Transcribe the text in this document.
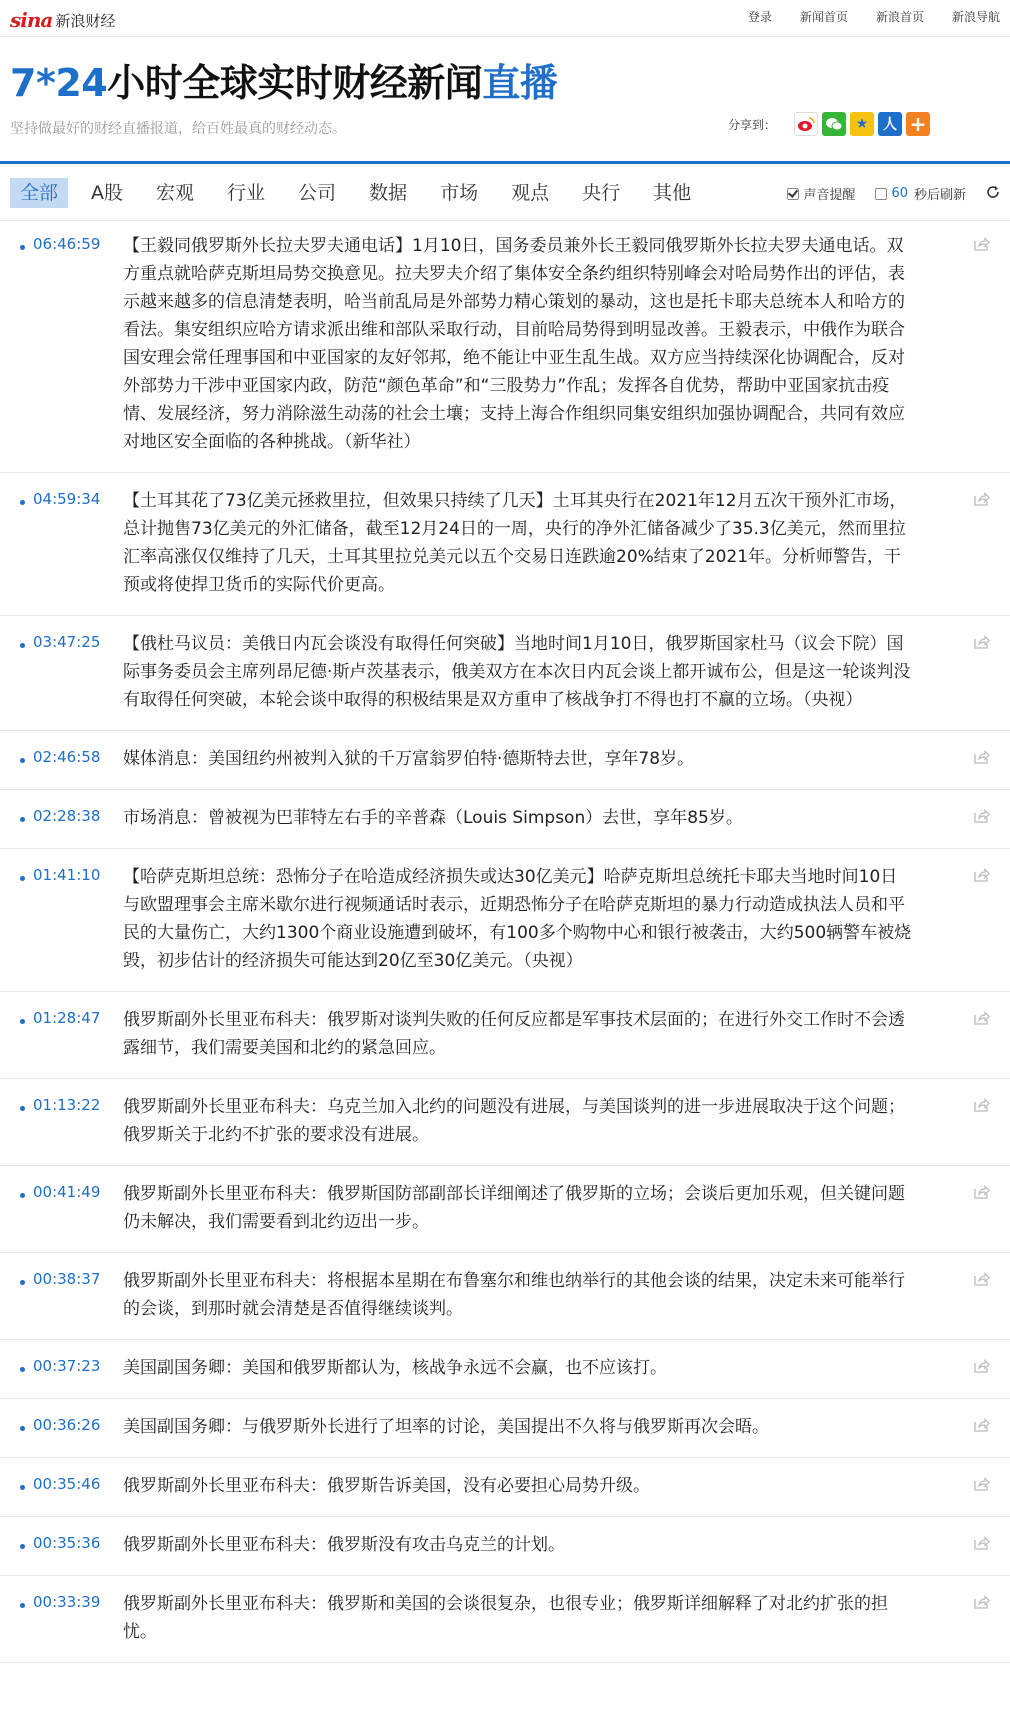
sina 新浪财经	登录 新闻首页 新浪首页 新浪导航
7*24小时全球实时财经新闻直播
坚持做最好的财经直播报道，给百姓最真的财经动态。	分享到：	★	人 +
全部	A股	宏观	行业	公司	数据	市场	观点	央行	其他	声音提醒	60 秒后刷新
06:46:59 【王毅同俄罗斯外长拉夫罗夫通电话】1月10日，国务委员兼外长王毅同俄罗斯外长拉夫罗夫通电话。双方重点就哈萨克斯坦局势交换意见。拉夫罗夫介绍了集体安全条约组织特别峰会对哈局势作出的评估，表示越来越多的信息清楚表明，哈当前乱局是外部势力精心策划的暴动，这也是托卡耶夫总统本人和哈方的看法。集安组织应哈方请求派出维和部队采取行动，目前哈局势得到明显改善。王毅表示，中俄作为联合国安理会常任理事国和中亚国家的友好邻邦，绝不能让中亚生乱生战。双方应当持续深化协调配合，反对外部势力干涉中亚国家内政，防范“颜色革命”和“三股势力”作乱；发挥各自优势，帮助中亚国家抗击疫情、发展经济，努力消除滋生动荡的社会土壤；支持上海合作组织同集安组织加强协调配合，共同有效应对地区安全面临的各种挑战。（新华社）
04:59:34 【土耳其花了73亿美元拯救里拉，但效果只持续了几天】土耳其央行在2021年12月五次干预外汇市场，总计抛售73亿美元的外汇储备，截至12月24日的一周，央行的净外汇储备减少了35.3亿美元，然而里拉汇率高涨仅仅维持了几天，土耳其里拉兑美元以五个交易日连跌逾20%结束了2021年。分析师警告，干预或将使捍卫货币的实际代价更高。
03:47:25 【俄杜马议员：美俄日内瓦会谈没有取得任何突破】当地时间1月10日，俄罗斯国家杜马（议会下院）国际事务委员会主席列昂尼德·斯卢茨基表示，俄美双方在本次日内瓦会谈上都开诚布公，但是这一轮谈判没有取得任何突破，本轮会谈中取得的积极结果是双方重申了核战争打不得也打不赢的立场。（央视）
02:46:58 媒体消息：美国纽约州被判入狱的千万富翁罗伯特·德斯特去世，享年78岁。
02:28:38 市场消息：曾被视为巴菲特左右手的辛普森（Louis Simpson）去世，享年85岁。
01:41:10 【哈萨克斯坦总统：恐怖分子在哈造成经济损失或达30亿美元】哈萨克斯坦总统托卡耶夫当地时间10日与欧盟理事会主席米歇尔进行视频通话时表示，近期恐怖分子在哈萨克斯坦的暴力行动造成执法人员和平民的大量伤亡，大约1300个商业设施遭到破坏，有100多个购物中心和银行被袭击，大约500辆警车被烧毁，初步估计的经济损失可能达到20亿至30亿美元。（央视）
01:28:47 俄罗斯副外长里亚布科夫：俄罗斯对谈判失败的任何反应都是军事技术层面的；在进行外交工作时不会透露细节，我们需要美国和北约的紧急回应。
01:13:22 俄罗斯副外长里亚布科夫：乌克兰加入北约的问题没有进展，与美国谈判的进一步进展取决于这个问题；俄罗斯关于北约不扩张的要求没有进展。
00:41:49 俄罗斯副外长里亚布科夫：俄罗斯国防部副部长详细阐述了俄罗斯的立场；会谈后更加乐观，但关键问题仍未解决，我们需要看到北约迈出一步。
00:38:37 俄罗斯副外长里亚布科夫：将根据本星期在布鲁塞尔和维也纳举行的其他会谈的结果，决定未来可能举行的会谈，到那时就会清楚是否值得继续谈判。
00:37:23 美国副国务卿：美国和俄罗斯都认为，核战争永远不会赢，也不应该打。
00:36:26 美国副国务卿：与俄罗斯外长进行了坦率的讨论，美国提出不久将与俄罗斯再次会晤。
00:35:46 俄罗斯副外长里亚布科夫：俄罗斯告诉美国，没有必要担心局势升级。
00:35:36 俄罗斯副外长里亚布科夫：俄罗斯没有攻击乌克兰的计划。
00:33:39 俄罗斯副外长里亚布科夫：俄罗斯和美国的会谈很复杂，也很专业；俄罗斯详细解释了对北约扩张的担忧。
